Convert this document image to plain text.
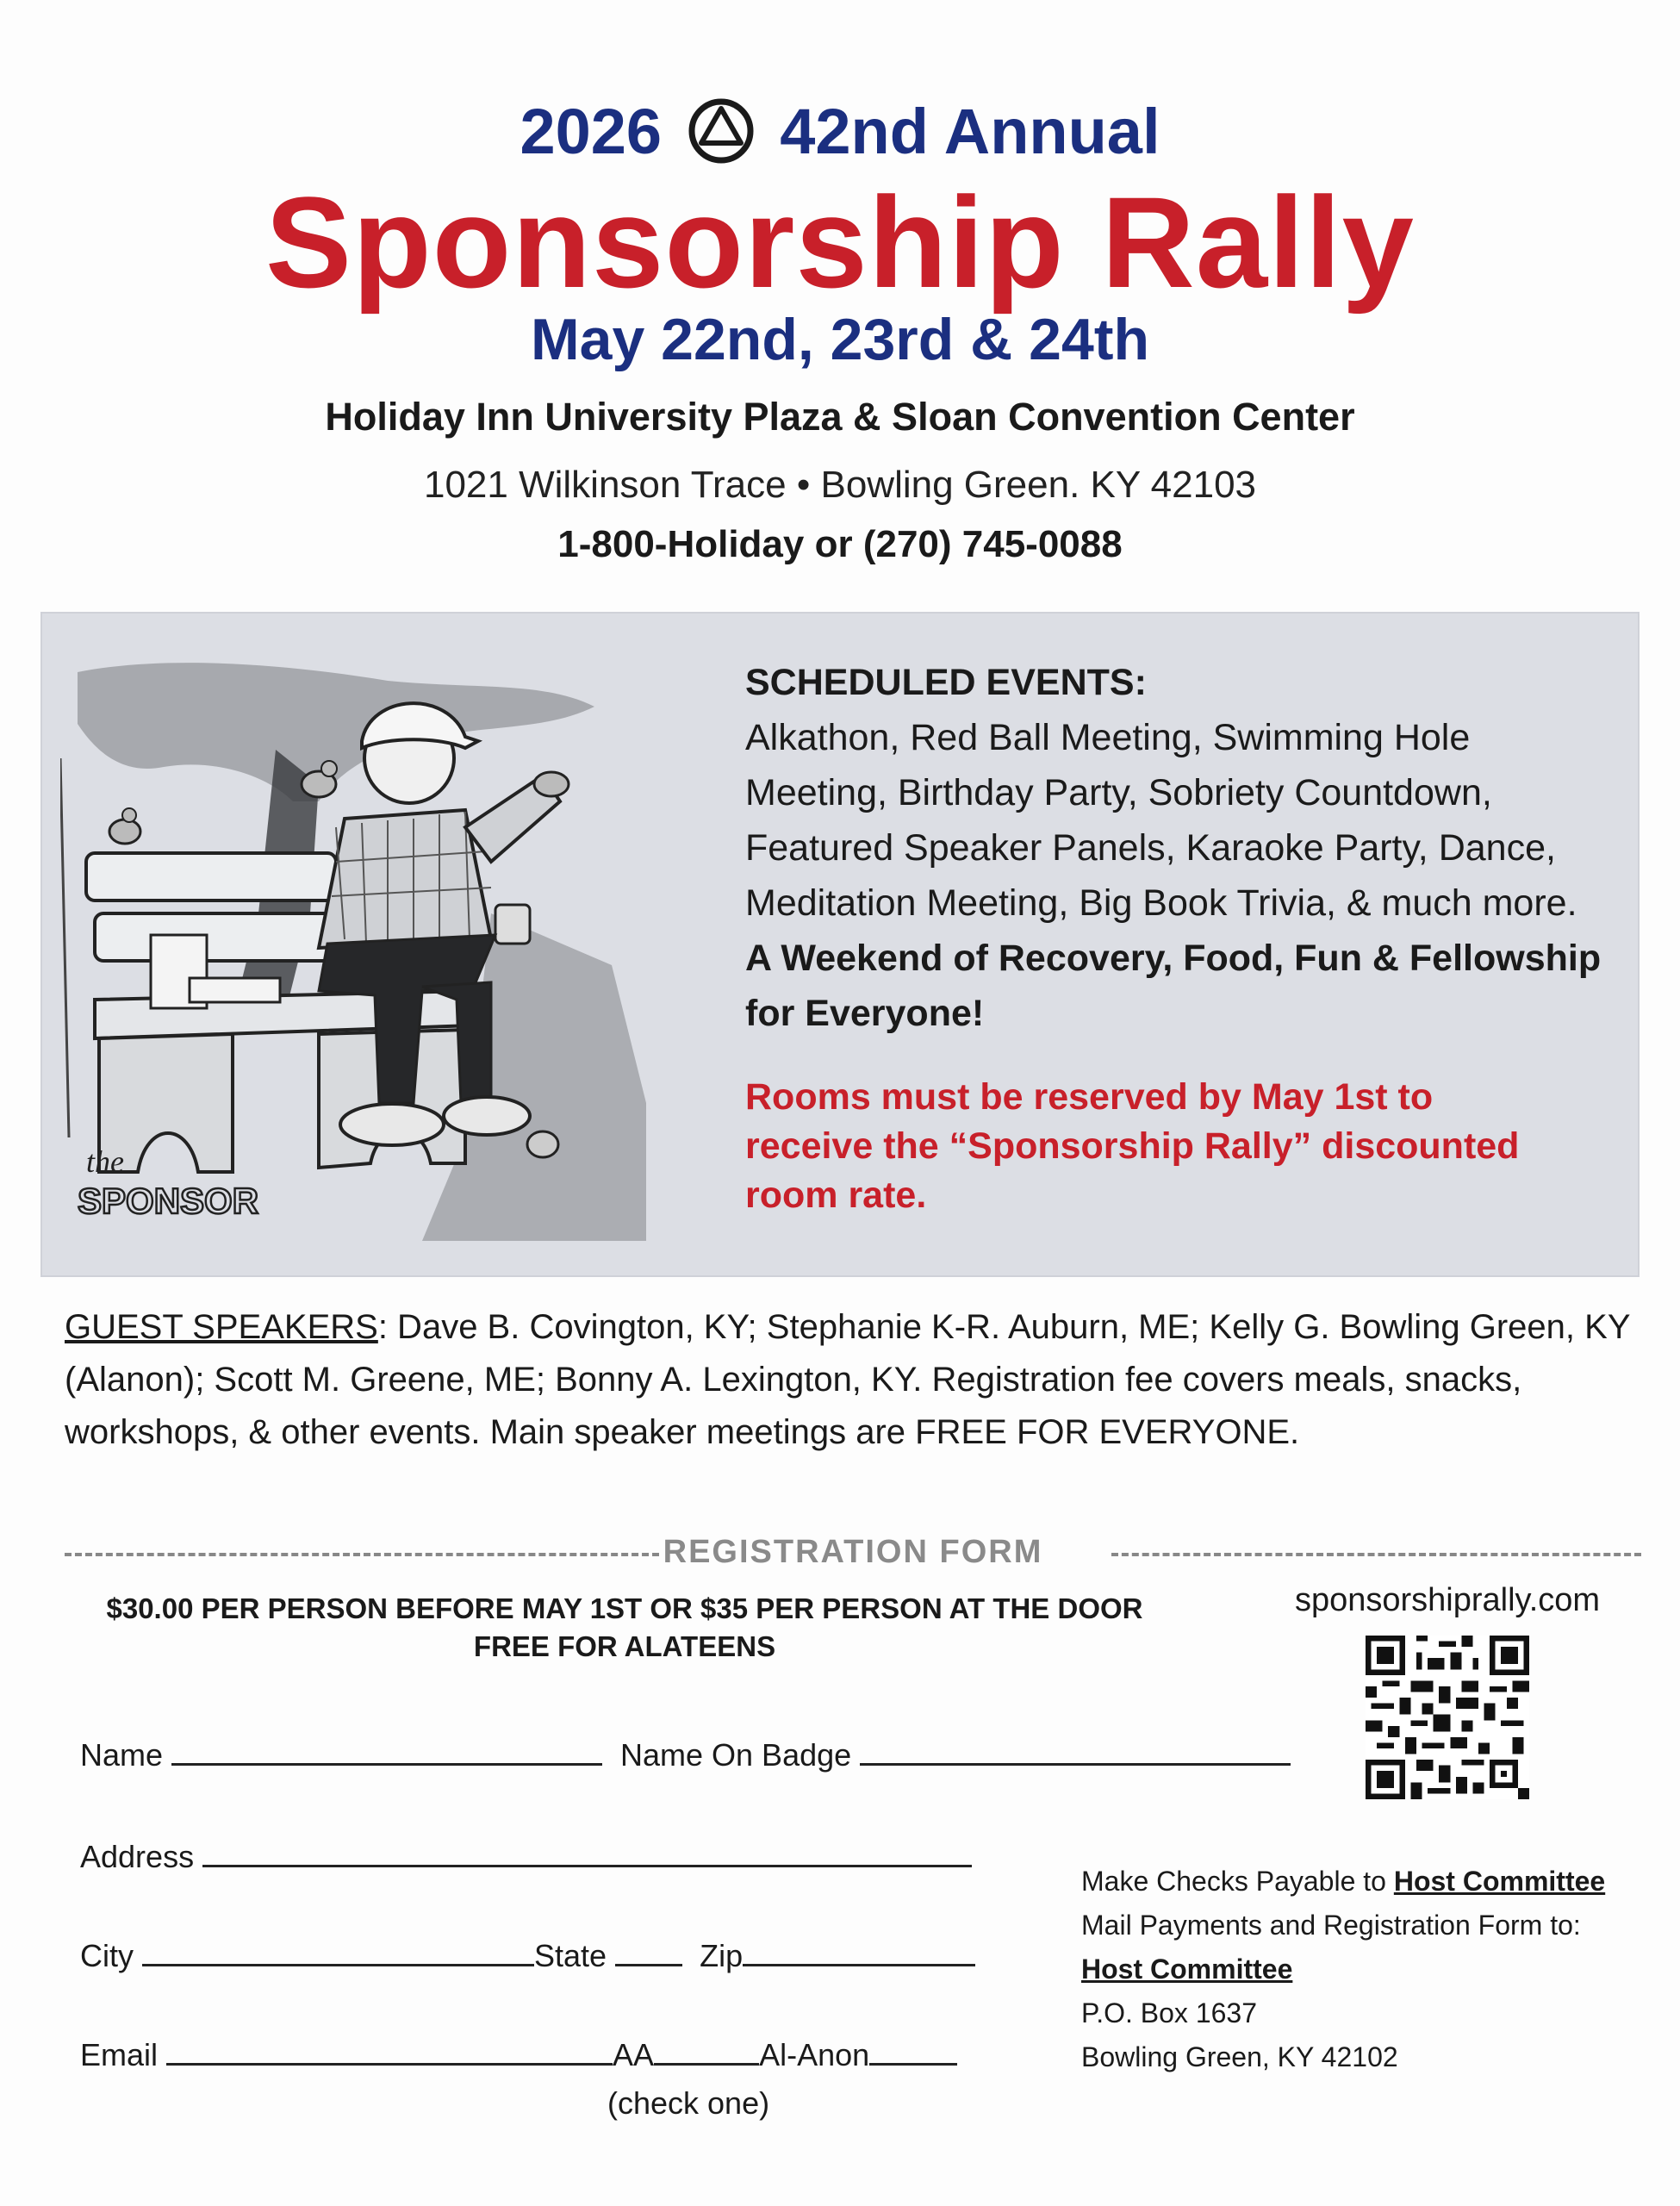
2026 42nd Annual
Sponsorship Rally
May 22nd, 23rd & 24th
Holiday Inn University Plaza & Sloan Convention Center
1021 Wilkinson Trace • Bowling Green. KY 42103
1-800-Holiday or (270) 745-0088
the
SPONSOR
SCHEDULED EVENTS:
Alkathon, Red Ball Meeting, Swimming Hole Meeting, Birthday Party, Sobriety Countdown, Featured Speaker Panels, Karaoke Party, Dance, Meditation Meeting, Big Book Trivia, & much more. A Weekend of Recovery, Food, Fun & Fellowship for Everyone!
Rooms must be reserved by May 1st to receive the “Sponsorship Rally” discounted room rate.
GUEST SPEAKERS: Dave B. Covington, KY; Stephanie K-R. Auburn, ME; Kelly G. Bowling Green, KY (Alanon); Scott M. Greene, ME; Bonny A. Lexington, KY. Registration fee covers meals, snacks, workshops, & other events. Main speaker meetings are FREE FOR EVERYONE.
REGISTRATION FORM
$30.00 PER PERSON BEFORE MAY 1ST OR $35 PER PERSON AT THE DOOR
FREE FOR ALATEENS
sponsorshiprally.com
Name	Name On Badge
Address
City	State	Zip
Email	AA	Al-Anon
(check one)
Make Checks Payable to Host Committee
Mail Payments and Registration Form to:
Host Committee
P.O. Box 1637
Bowling Green, KY 42102
